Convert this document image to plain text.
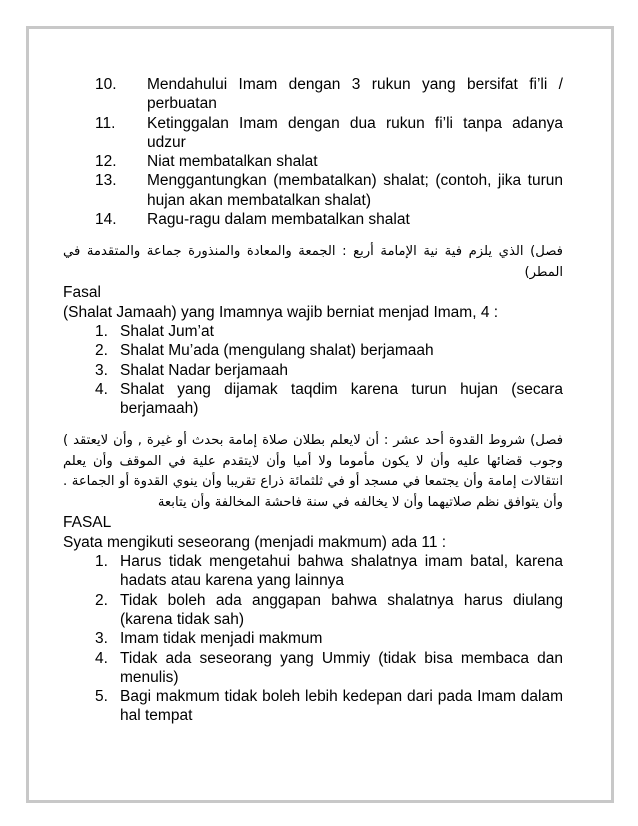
10.	Mendahului Imam dengan 3 rukun yang bersifat fi’li / perbuatan
11.	Ketinggalan Imam dengan dua rukun fi’li tanpa adanya udzur
12.	Niat membatalkan shalat
13.	Menggantungkan (membatalkan) shalat; (contoh, jika turun hujan akan membatalkan shalat)
14.	Ragu-ragu dalam membatalkan shalat

فصل) الذي يلزم فية نية الإمامة أربع : الجمعة والمعادة والمنذورة جماعة والمتقدمة في المطر)

Fasal

(Shalat Jamaah) yang Imamnya wajib berniat menjad Imam, 4 :

1. Shalat Jum’at
2. Shalat Mu’ada (mengulang shalat) berjamaah
3. Shalat Nadar berjamaah
4. Shalat yang dijamak taqdim karena turun hujan (secara berjamaah)

فصل) شروط القدوة أحد عشر : أن لايعلم بطلان صلاة إمامة بحدث أو غيرة , وأن لايعتقد ) وجوب قضائها عليه وأن لا يكون مأموما ولا أميا وأن لايتقدم علية في الموقف وأن يعلم انتقالات إمامة وأن يجتمعا في مسجد أو في ثلثمائة ذراع تقريبا وأن ينوي القدوة أو الجماعة . وأن يتوافق نظم صلاتيهما وأن لا يخالفه في سنة فاحشة المخالفة وأن يتابعة

FASAL

Syata mengikuti seseorang (menjadi makmum) ada 11 :

1. Harus tidak mengetahui bahwa shalatnya imam batal, karena hadats atau karena yang lainnya
2. Tidak boleh ada anggapan bahwa shalatnya harus diulang (karena tidak sah)
3. Imam tidak menjadi makmum
4. Tidak ada seseorang yang Ummiy (tidak bisa membaca dan menulis)
5. Bagi makmum tidak boleh lebih kedepan dari pada Imam dalam hal tempat
